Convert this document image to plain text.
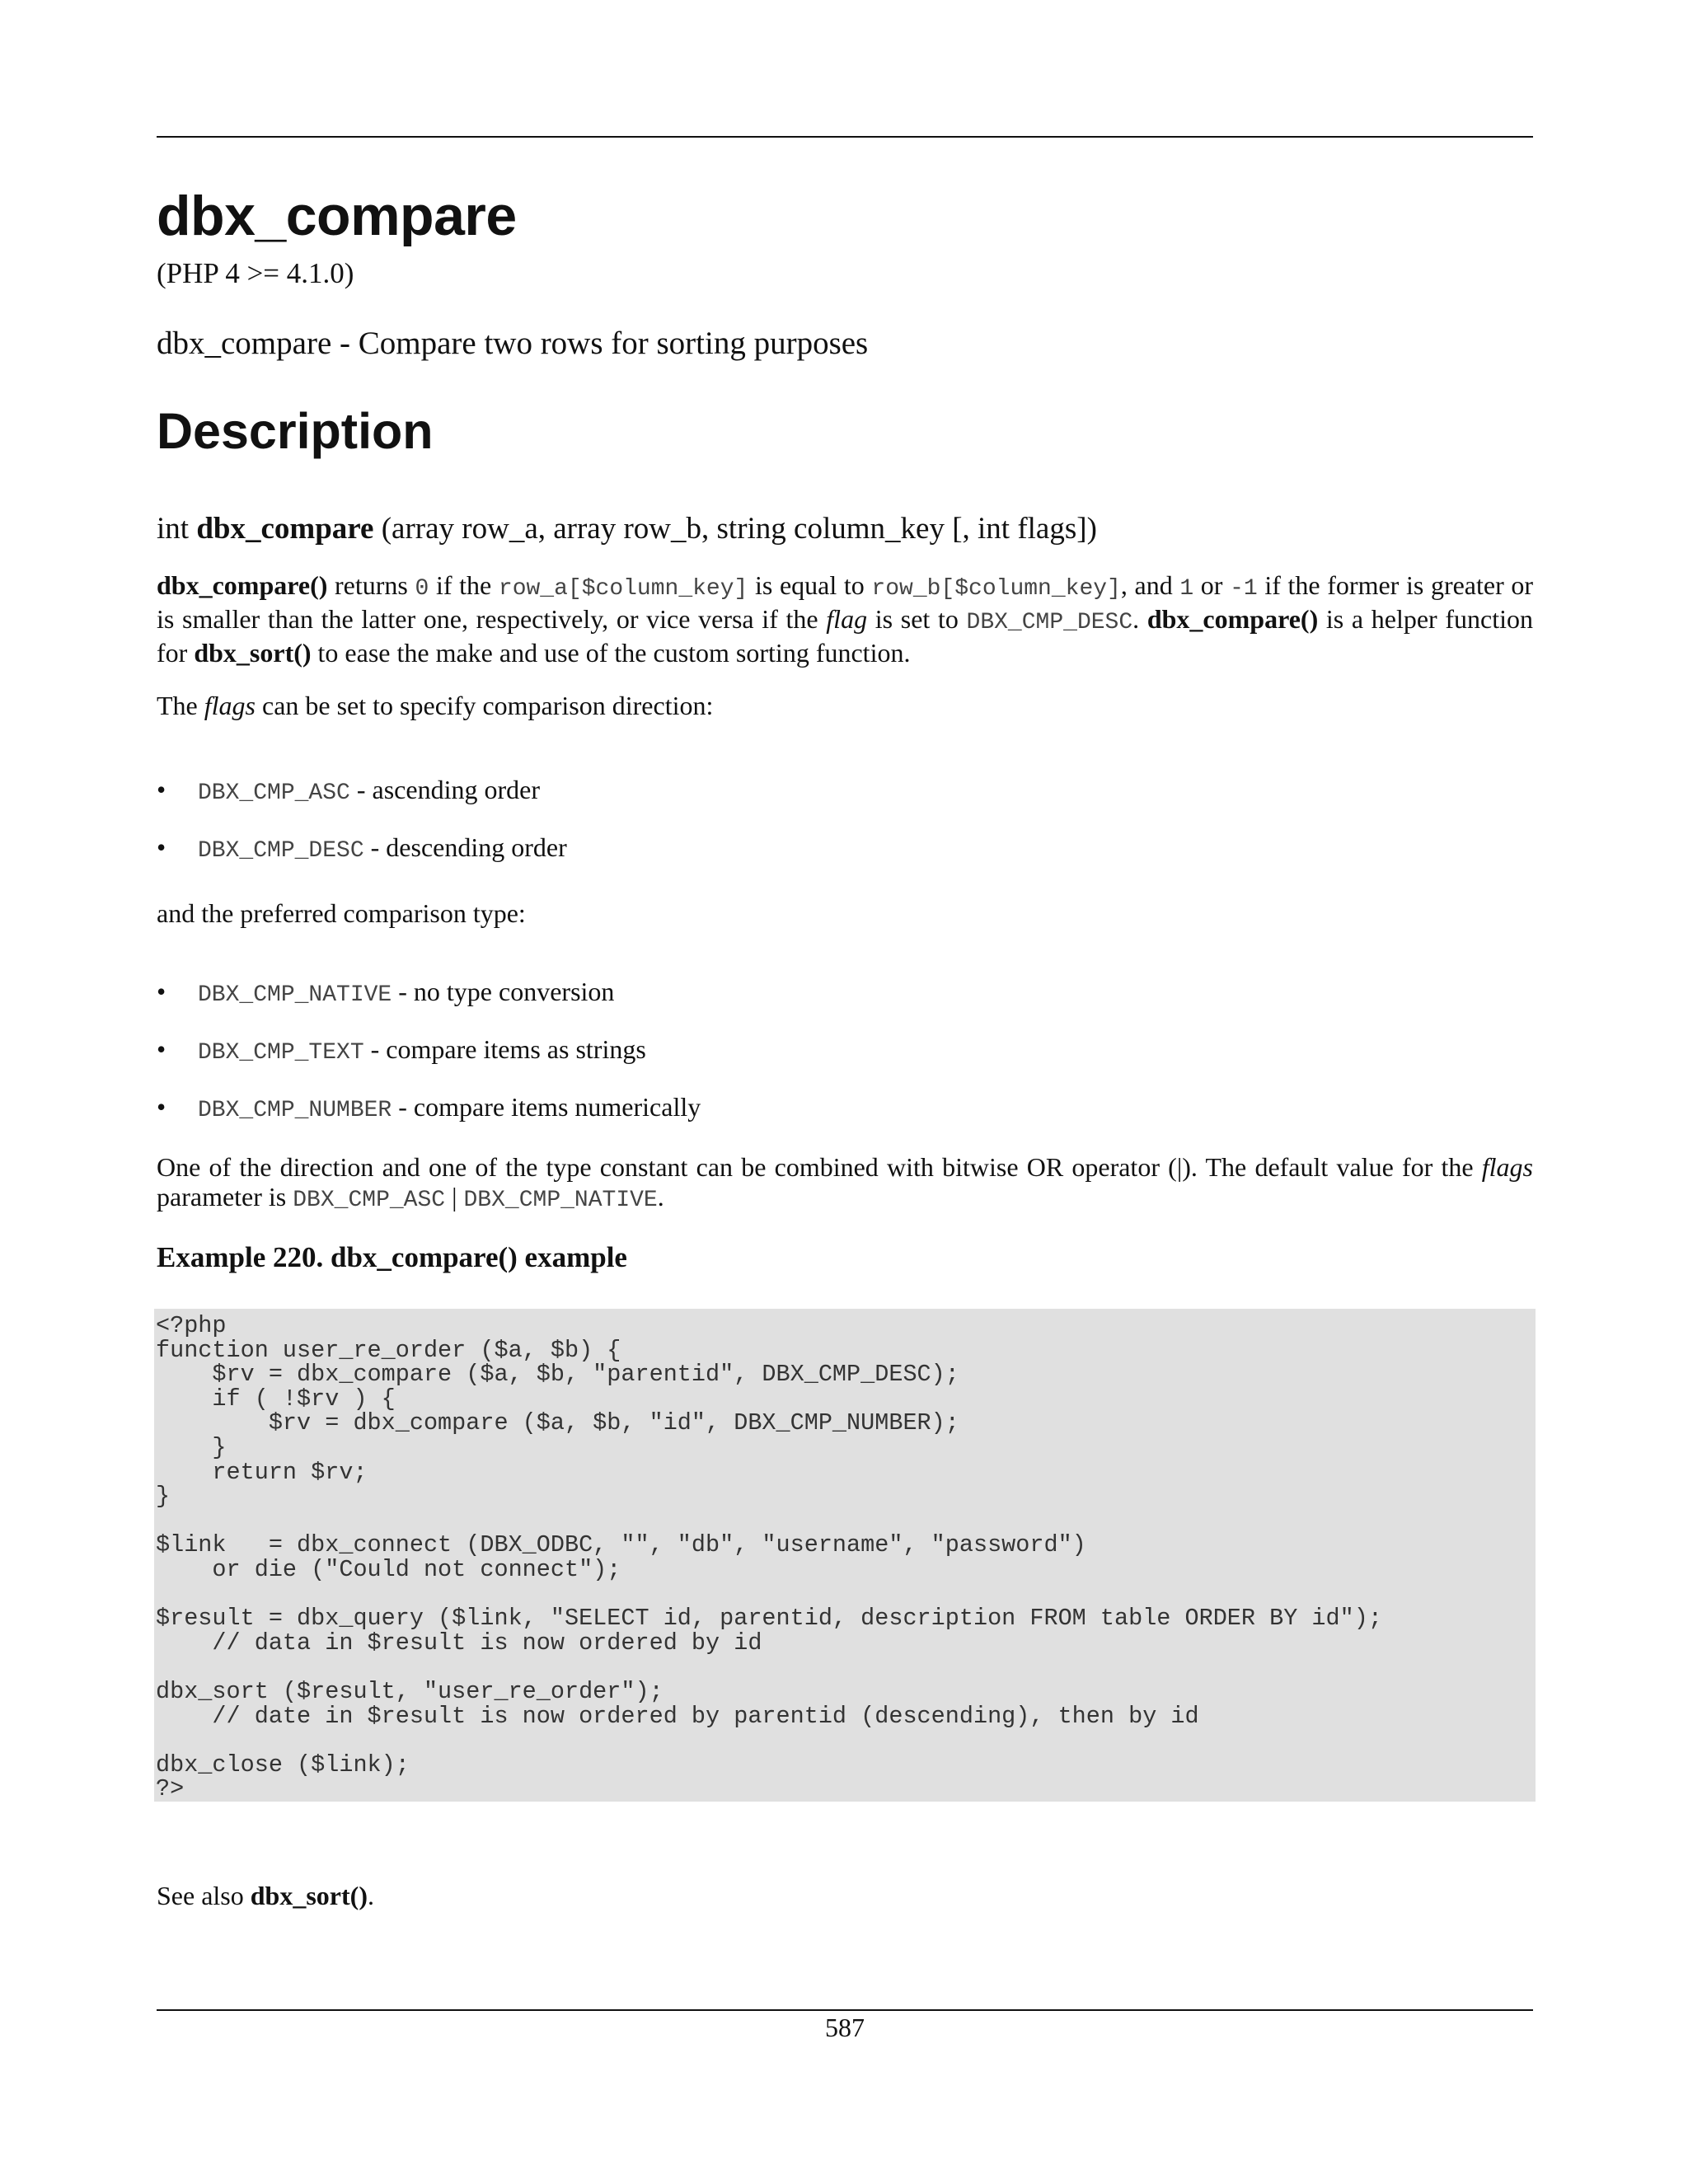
dbx_compare
(PHP 4 >= 4.1.0)
dbx_compare - Compare two rows for sorting purposes
Description
int dbx_compare (array row_a, array row_b, string column_key [, int flags])
dbx_compare() returns 0 if the row_a[$column_key] is equal to row_b[$column_key], and 1 or -1 if the former is greater or is smaller than the latter one, respectively, or vice versa if the flag is set to DBX_CMP_DESC. dbx_compare() is a helper function for dbx_sort() to ease the make and use of the custom sorting function.
The flags can be set to specify comparison direction:
• DBX_CMP_ASC - ascending order
• DBX_CMP_DESC - descending order
and the preferred comparison type:
• DBX_CMP_NATIVE - no type conversion
• DBX_CMP_TEXT - compare items as strings
• DBX_CMP_NUMBER - compare items numerically
One of the direction and one of the type constant can be combined with bitwise OR operator (|). The default value for the flags parameter is DBX_CMP_ASC | DBX_CMP_NATIVE.
Example 220. dbx_compare() example
<?php
function user_re_order ($a, $b) {
$rv = dbx_compare ($a, $b, "parentid", DBX_CMP_DESC);
if ( !$rv ) {
$rv = dbx_compare ($a, $b, "id", DBX_CMP_NUMBER);
}
return $rv;
}

$link   = dbx_connect (DBX_ODBC, "", "db", "username", "password")
or die ("Could not connect");

$result = dbx_query ($link, "SELECT id, parentid, description FROM table ORDER BY id");
// data in $result is now ordered by id

dbx_sort ($result, "user_re_order");
// date in $result is now ordered by parentid (descending), then by id

dbx_close ($link);
?>
See also dbx_sort().
587
